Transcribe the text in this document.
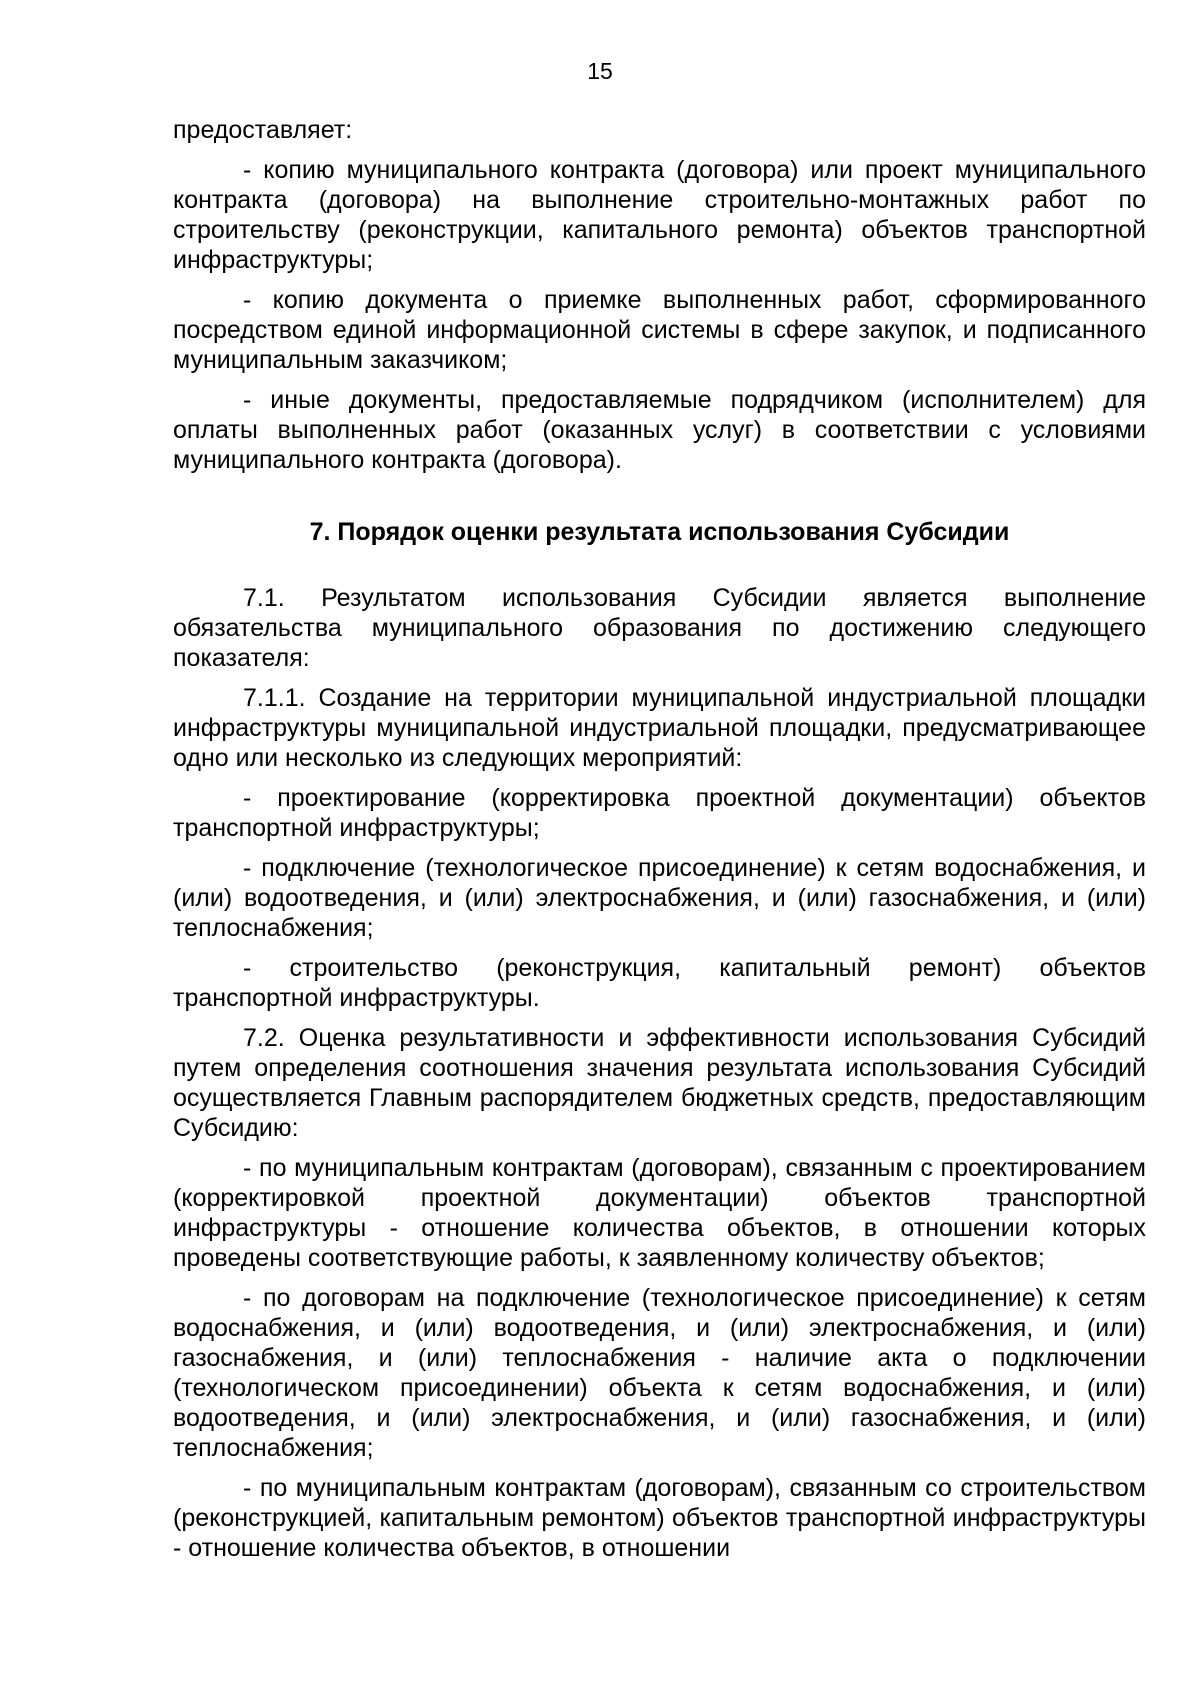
15

предоставляет:

- копию муниципального контракта (договора) или проект муниципального контракта (договора) на выполнение строительно-монтажных работ по строительству (реконструкции, капитального ремонта) объектов транспортной инфраструктуры;

- копию документа о приемке выполненных работ, сформированного посредством единой информационной системы в сфере закупок, и подписанного муниципальным заказчиком;

- иные документы, предоставляемые подрядчиком (исполнителем) для оплаты выполненных работ (оказанных услуг) в соответствии с условиями муниципального контракта (договора).

7. Порядок оценки результата использования Субсидии

7.1. Результатом использования Субсидии является выполнение обязательства муниципального образования по достижению следующего показателя:

7.1.1. Создание на территории муниципальной индустриальной площадки инфраструктуры муниципальной индустриальной площадки, предусматривающее одно или несколько из следующих мероприятий:

- проектирование (корректировка проектной документации) объектов транспортной инфраструктуры;

- подключение (технологическое присоединение) к сетям водоснабжения, и (или) водоотведения, и (или) электроснабжения, и (или) газоснабжения, и (или) теплоснабжения;

- строительство (реконструкция, капитальный ремонт) объектов транспортной инфраструктуры.

7.2. Оценка результативности и эффективности использования Субсидий путем определения соотношения значения результата использования Субсидий осуществляется Главным распорядителем бюджетных средств, предоставляющим Субсидию:

- по муниципальным контрактам (договорам), связанным с проектированием (корректировкой проектной документации) объектов транспортной инфраструктуры - отношение количества объектов, в отношении которых проведены соответствующие работы, к заявленному количеству объектов;

- по договорам на подключение (технологическое присоединение) к сетям водоснабжения, и (или) водоотведения, и (или) электроснабжения, и (или) газоснабжения, и (или) теплоснабжения - наличие акта о подключении (технологическом присоединении) объекта к сетям водоснабжения, и (или) водоотведения, и (или) электроснабжения, и (или) газоснабжения, и (или) теплоснабжения;

- по муниципальным контрактам (договорам), связанным со строительством (реконструкцией, капитальным ремонтом) объектов транспортной инфраструктуры - отношение количества объектов, в отношении
